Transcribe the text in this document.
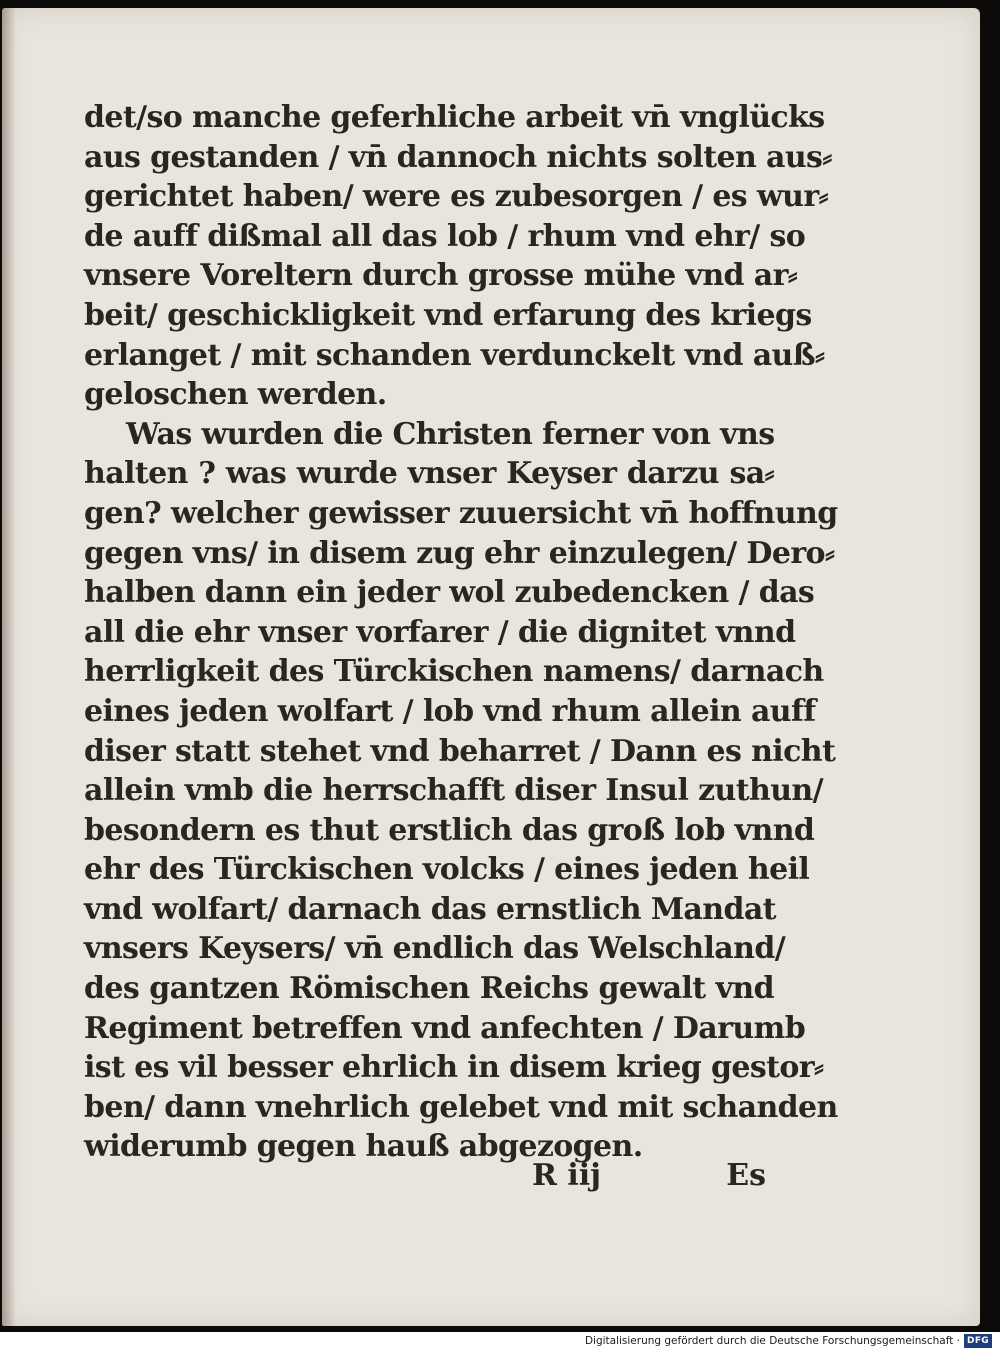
det/so manche geferhliche arbeit vn̄ vnglücks
aus gestanden / vn̄ dannoch nichts solten aus⸗
gerichtet haben/ were es zubesorgen / es wur⸗
de auff dißmal all das lob / rhum vnd ehr/ so
vnsere Voreltern durch grosse mühe vnd ar⸗
beit/ geschickligkeit vnd erfarung des kriegs
erlanget / mit schanden verdunckelt vnd auß⸗
geloschen werden.
Was wurden die Christen ferner von vns
halten ? was wurde vnser Keyser darzu sa⸗
gen? welcher gewisser zuuersicht vn̄ hoffnung
gegen vns/ in disem zug ehr einzulegen/ Dero⸗
halben dann ein jeder wol zubedencken / das
all die ehr vnser vorfarer / die dignitet vnnd
herrligkeit des Türckischen namens/ darnach
eines jeden wolfart / lob vnd rhum allein auff
diser statt stehet vnd beharret / Dann es nicht
allein vmb die herrschafft diser Insul zuthun/
besondern es thut erstlich das groß lob vnnd
ehr des Türckischen volcks / eines jeden heil
vnd wolfart/ darnach das ernstlich Mandat
vnsers Keysers/ vn̄ endlich das Welschland/
des gantzen Römischen Reichs gewalt vnd
Regiment betreffen vnd anfechten / Darumb
ist es vil besser ehrlich in disem krieg gestor⸗
ben/ dann vnehrlich gelebet vnd mit schanden
widerumb gegen hauß abgezogen.
R iij	Es
Digitalisierung gefördert durch die Deutsche Forschungsgemeinschaft · DFG
